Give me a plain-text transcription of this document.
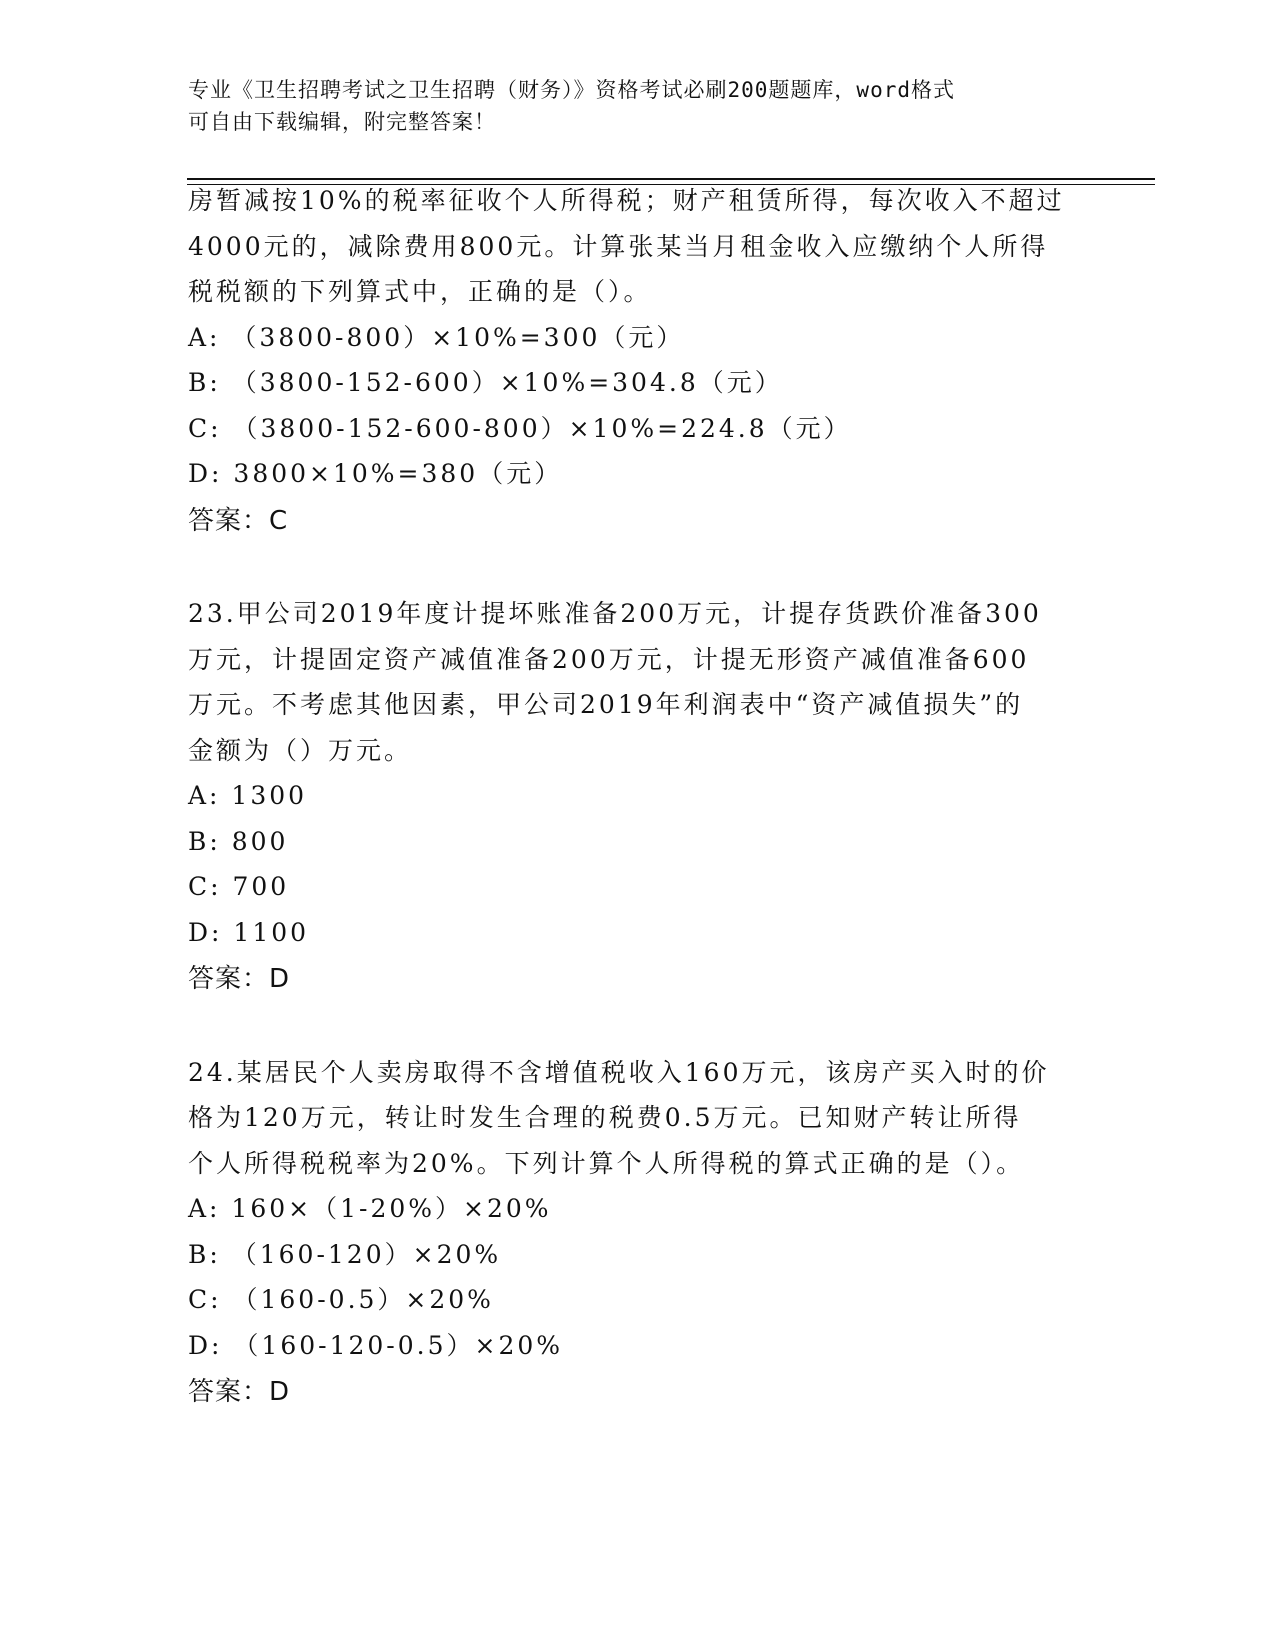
专业《卫生招聘考试之卫生招聘（财务）》资格考试必刷200题题库，word格式
可自由下载编辑，附完整答案！
房暂减按10%的税率征收个人所得税；财产租赁所得，每次收入不超过
4000元的，减除费用800元。计算张某当月租金收入应缴纳个人所得
税税额的下列算式中，正确的是（）。
A: （3800-800）×10%=300（元）
B: （3800-152-600）×10%=304.8（元）
C: （3800-152-600-800）×10%=224.8（元）
D: 3800×10%=380（元）
答案：C
23.甲公司2019年度计提坏账准备200万元，计提存货跌价准备300
万元，计提固定资产减值准备200万元，计提无形资产减值准备600
万元。不考虑其他因素，甲公司2019年利润表中“资产减值损失”的
金额为（）万元。
A: 1300
B: 800
C: 700
D: 1100
答案：D
24.某居民个人卖房取得不含增值税收入160万元，该房产买入时的价
格为120万元，转让时发生合理的税费0.5万元。已知财产转让所得
个人所得税税率为20%。下列计算个人所得税的算式正确的是（）。
A: 160×（1-20%）×20%
B: （160-120）×20%
C: （160-0.5）×20%
D: （160-120-0.5）×20%
答案：D
